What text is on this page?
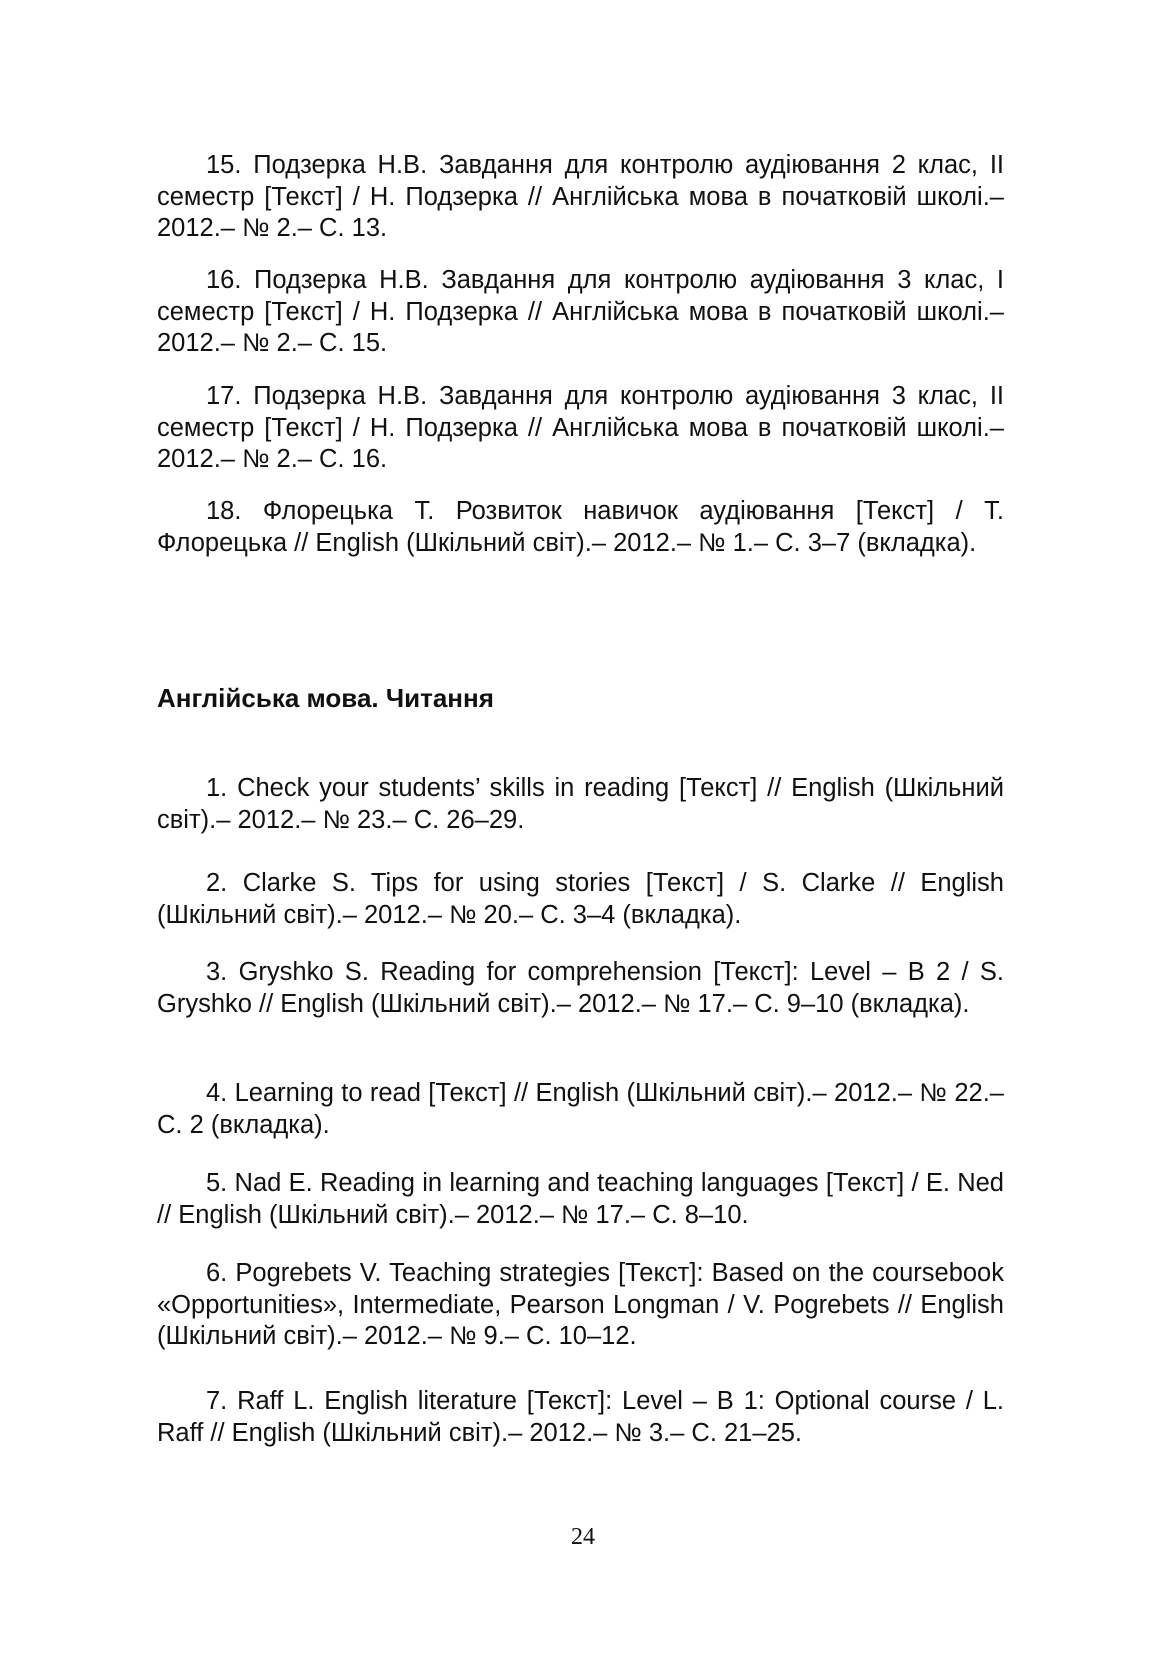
15. Подзерка Н.В. Завдання для контролю аудіювання 2 клас, ІІ семестр [Текст] / Н. Подзерка // Англійська мова в початковій школі.– 2012.– № 2.– С. 13.

16. Подзерка Н.В. Завдання для контролю аудіювання 3 клас, І семестр [Текст] / Н. Подзерка // Англійська мова в початковій школі.– 2012.– № 2.– С. 15.

17. Подзерка Н.В. Завдання для контролю аудіювання 3 клас, ІІ семестр [Текст] / Н. Подзерка // Англійська мова в початковій школі.– 2012.– № 2.– С. 16.

18. Флорецька Т. Розвиток навичок аудіювання [Текст] / Т. Флорецька // English (Шкільний світ).– 2012.– № 1.– С. 3–7 (вкладка).

Англійська мова. Читання

1. Check your students’ skills in reading [Текст] // English (Шкільний світ).– 2012.– № 23.– С. 26–29.

2. Clarke S. Tips for using stories [Текст] / S. Clarke // English (Шкільний світ).– 2012.– № 20.– С. 3–4 (вкладка).

3. Gryshko S. Reading for comprehension [Текст]: Level – B 2 / S. Gryshko // English (Шкільний світ).– 2012.– № 17.– С. 9–10 (вкладка).

4. Learning to read [Текст] // English (Шкільний світ).– 2012.– № 22.– С. 2 (вкладка).

5. Nad E. Reading in learning and teaching languages [Текст] / E. Ned // English (Шкільний світ).– 2012.– № 17.– С. 8–10.

6. Pogrebets V. Teaching strategies [Текст]: Based on the coursebook «Opportunities», Intermediate, Pearson Longman / V. Pogrebets // English (Шкільний світ).– 2012.– № 9.– С. 10–12.

7. Raff L. English literature [Текст]: Level – B 1: Optional course / L. Raff // English (Шкільний світ).– 2012.– № 3.– С. 21–25.

24
